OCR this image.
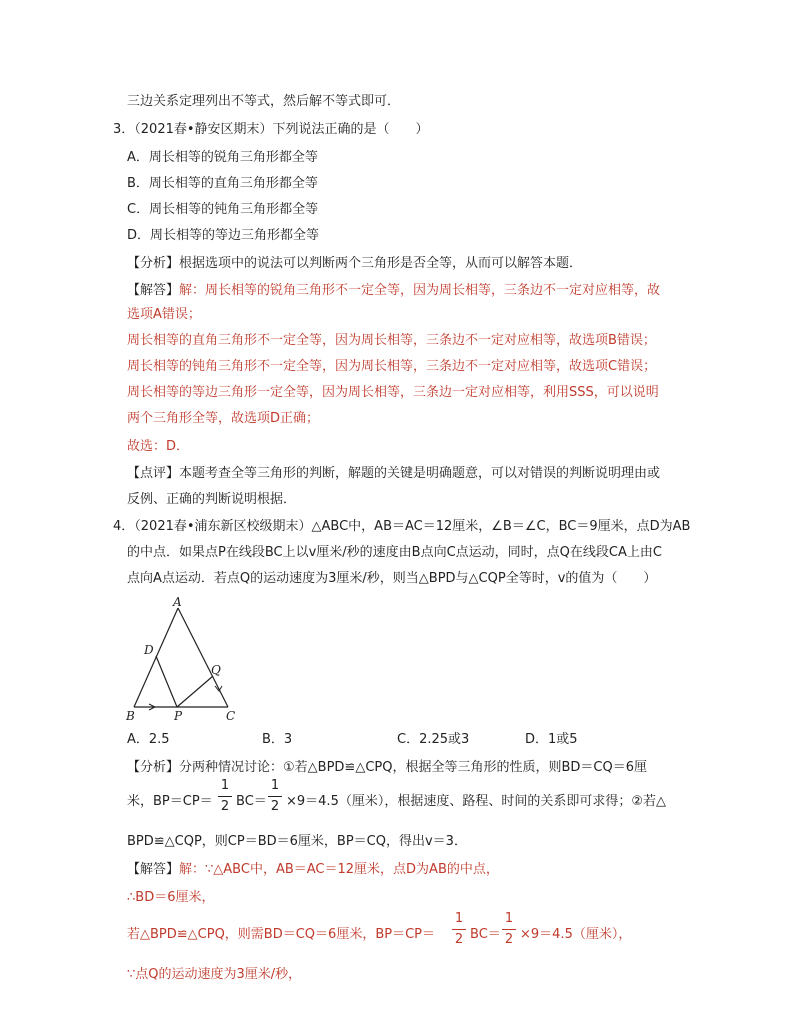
三边关系定理列出不等式，然后解不等式即可．
3．（2021春•静安区期末）下列说法正确的是（　　）
A．周长相等的锐角三角形都全等
B．周长相等的直角三角形都全等
C．周长相等的钝角三角形都全等
D．周长相等的等边三角形都全等
【分析】根据选项中的说法可以判断两个三角形是否全等，从而可以解答本题．
【解答】解：周长相等的锐角三角形不一定全等，因为周长相等，三条边不一定对应相等，故
选项A错误；
周长相等的直角三角形不一定全等，因为周长相等，三条边不一定对应相等，故选项B错误；
周长相等的钝角三角形不一定全等，因为周长相等，三条边不一定对应相等，故选项C错误；
周长相等的等边三角形一定全等，因为周长相等，三条边一定对应相等，利用SSS，可以说明
两个三角形全等，故选项D正确；
故选：D．
【点评】本题考查全等三角形的判断，解题的关键是明确题意，可以对错误的判断说明理由或
反例、正确的判断说明根据．
4．（2021春•浦东新区校级期末）△ABC中，AB＝AC＝12厘米，∠B＝∠C，BC＝9厘米，点D为AB
的中点．如果点P在线段BC上以v厘米/秒的速度由B点向C点运动，同时，点Q在线段CA上由C
点向A点运动．若点Q的运动速度为3厘米/秒，则当△BPD与△CQP全等时，v的值为（　　）
A
D
Q
B	P	C
A．2.5	B．3	C．2.25或3	D．1或5
【分析】分两种情况讨论：①若△BPD≌△CPQ，根据全等三角形的性质，则BD＝CQ＝6厘
米，BP＝CP＝
1
2 BC＝
1
2 ×9＝4.5（厘米），根据速度、路程、时间的关系即可求得；②若△
BPD≌△CQP，则CP＝BD＝6厘米，BP＝CQ，得出v＝3．
【解答】解：∵△ABC中，AB＝AC＝12厘米，点D为AB的中点，
∴BD＝6厘米，
若△BPD≌△CPQ，则需BD＝CQ＝6厘米，BP＝CP＝
1
2 BC＝
1
2 ×9＝4.5（厘米），
∵点Q的运动速度为3厘米/秒，
